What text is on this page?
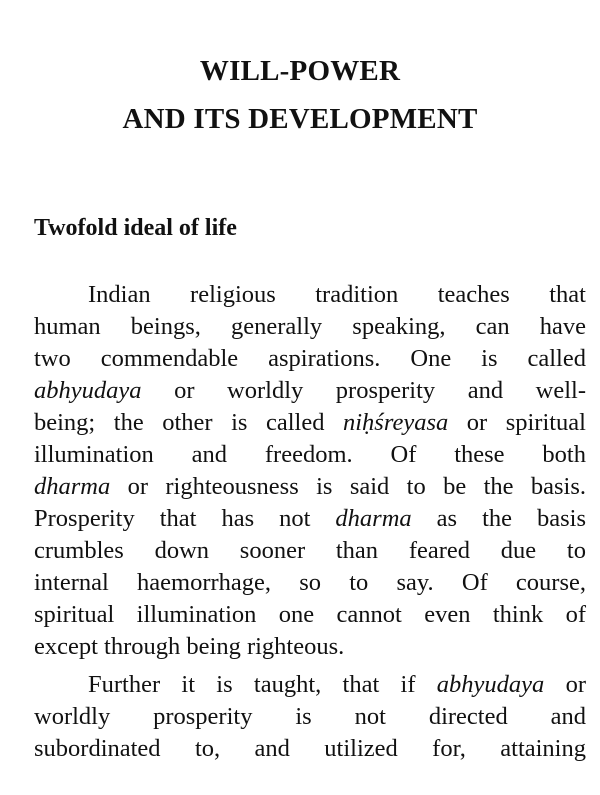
WILL-POWER
AND ITS DEVELOPMENT
Twofold ideal of life
Indian religious tradition teaches that
human beings, generally speaking, can have
two commendable aspirations. One is called
abhyudaya or worldly prosperity and well-
being; the other is called niḥśreyasa or spiritual
illumination and freedom. Of these both
dharma or righteousness is said to be the basis.
Prosperity that has not dharma as the basis
crumbles down sooner than feared due to
internal haemorrhage, so to say. Of course,
spiritual illumination one cannot even think of
except through being righteous.
Further it is taught, that if abhyudaya or
worldly prosperity is not directed and
subordinated to, and utilized for, attaining
